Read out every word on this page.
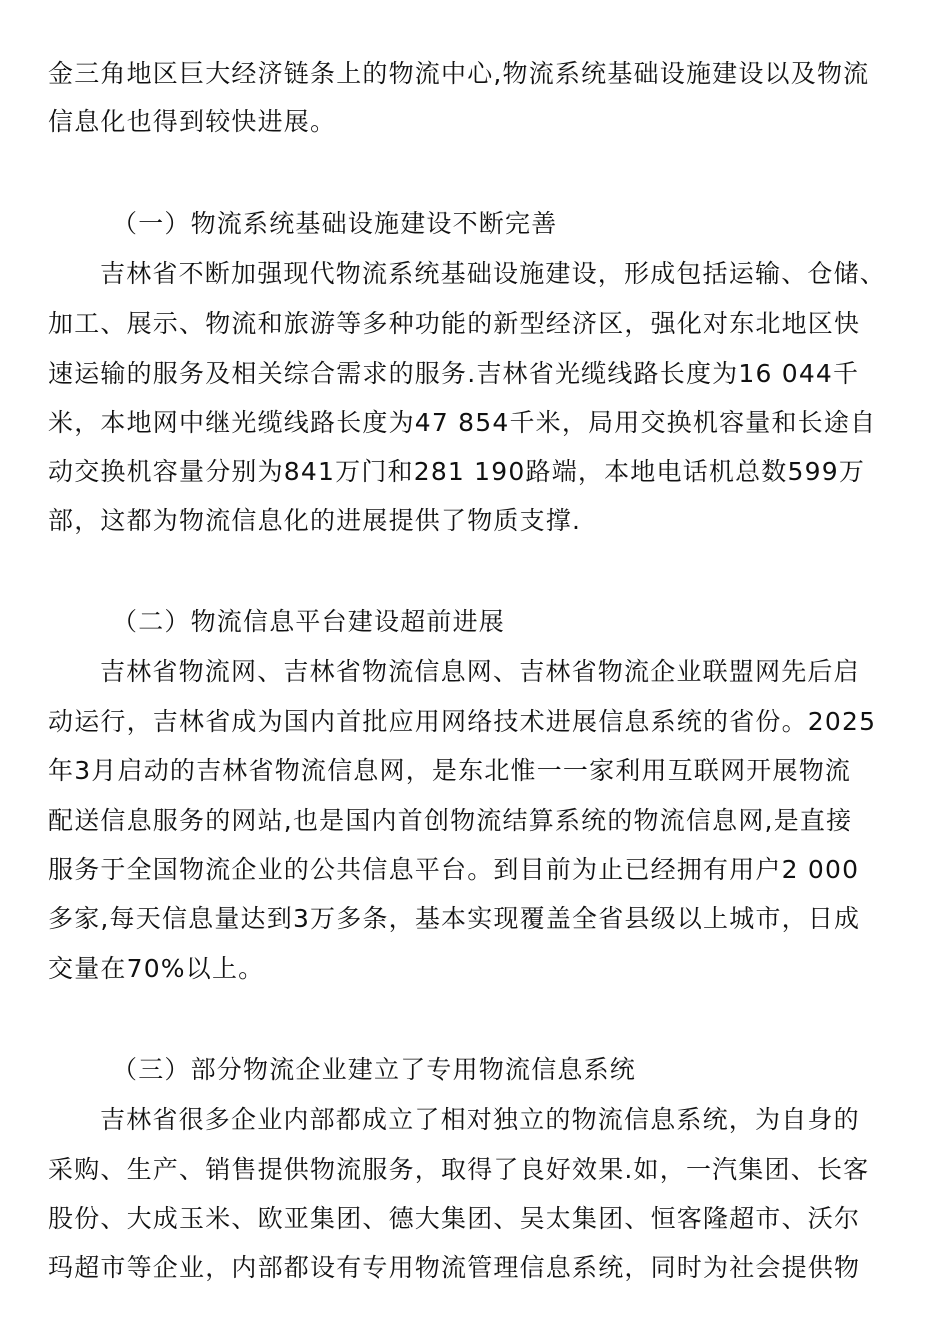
金三角地区巨大经济链条上的物流中心,物流系统基础设施建设以及物流
信息化也得到较快进展。
（一）物流系统基础设施建设不断完善
吉林省不断加强现代物流系统基础设施建设，形成包括运输、仓储、
加工、展示、物流和旅游等多种功能的新型经济区，强化对东北地区快
速运输的服务及相关综合需求的服务.吉林省光缆线路长度为16 044千
米，本地网中继光缆线路长度为47 854千米，局用交换机容量和长途自
动交换机容量分别为841万门和281 190路端，本地电话机总数599万
部，这都为物流信息化的进展提供了物质支撑.
（二）物流信息平台建设超前进展
吉林省物流网、吉林省物流信息网、吉林省物流企业联盟网先后启
动运行，吉林省成为国内首批应用网络技术进展信息系统的省份。2025
年3月启动的吉林省物流信息网，是东北惟一一家利用互联网开展物流
配送信息服务的网站,也是国内首创物流结算系统的物流信息网,是直接
服务于全国物流企业的公共信息平台。到目前为止已经拥有用户2 000
多家,每天信息量达到3万多条，基本实现覆盖全省县级以上城市，日成
交量在70%以上。
（三）部分物流企业建立了专用物流信息系统
吉林省很多企业内部都成立了相对独立的物流信息系统，为自身的
采购、生产、销售提供物流服务，取得了良好效果.如，一汽集团、长客
股份、大成玉米、欧亚集团、德大集团、吴太集团、恒客隆超市、沃尔
玛超市等企业，内部都设有专用物流管理信息系统，同时为社会提供物
